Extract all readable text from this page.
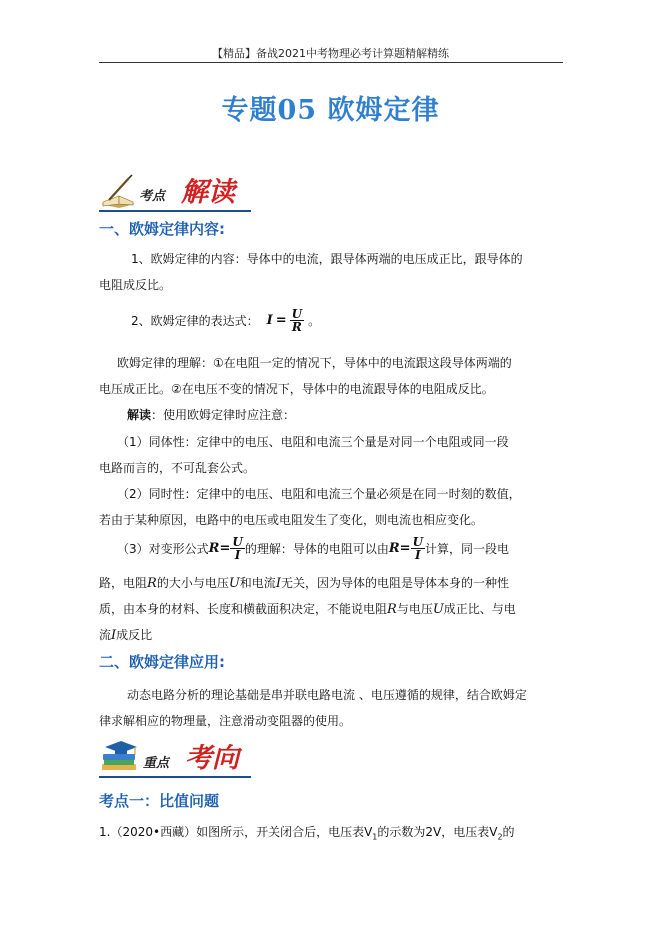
【精品】备战2021中考物理必考计算题精解精练
专题05 欧姆定律
考点 解读
一、欧姆定律内容:
1、欧姆定律的内容：导体中的电流，跟导体两端的电压成正比，跟导体的
电阻成反比。
2、欧姆定律的表达式： $I = \frac{U}{R}$ 。
欧姆定律的理解：①在电阻一定的情况下，导体中的电流跟这段导体两端的
电压成正比。②在电压不变的情况下，导体中的电流跟导体的电阻成反比。
解读：使用欧姆定律时应注意：
（1）同体性：定律中的电压、电阻和电流三个量是对同一个电阻或同一段
电路而言的，不可乱套公式。
（2）同时性：定律中的电压、电阻和电流三个量必须是在同一时刻的数值，
若由于某种原因，电路中的电压或电阻发生了变化，则电流也相应变化。
（3）对变形公式 $R = \frac{U}{I}$ 的理解：导体的电阻可以由 $R = \frac{U}{I}$ 计算，同一段电
路，电阻R的大小与电压U和电流I无关，因为导体的电阻是导体本身的一种性
质，由本身的材料、长度和横截面积决定，不能说电阻R与电压U成正比、与电
流I成反比
二、欧姆定律应用:
动态电路分析的理论基础是串并联电路电流 、电压遵循的规律，结合欧姆定
律求解相应的物理量，注意滑动变阻器的使用。
重点 考向
考点一：比值问题
1.（2020•西藏）如图所示，开关闭合后，电压表$V_1$的示数为2V，电压表$V_2$的
